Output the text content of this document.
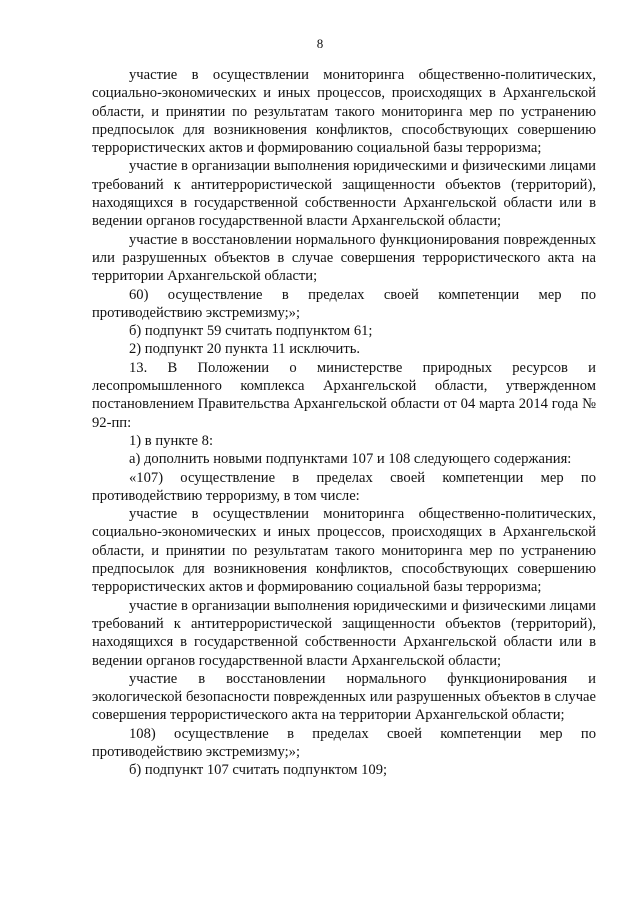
8

участие в осуществлении мониторинга общественно-политических, социально-экономических и иных процессов, происходящих в Архангельской области, и принятии по результатам такого мониторинга мер по устранению предпосылок для возникновения конфликтов, способствующих совершению террористических актов и формированию социальной базы терроризма;

участие в организации выполнения юридическими и физическими лицами требований к антитеррористической защищенности объектов (территорий), находящихся в государственной собственности Архангельской области или в ведении органов государственной власти Архангельской области;

участие в восстановлении нормального функционирования поврежденных или разрушенных объектов в случае совершения террористического акта на территории Архангельской области;

60) осуществление в пределах своей компетенции мер по противодействию экстремизму;»;

б) подпункт 59 считать подпунктом 61;

2) подпункт 20 пункта 11 исключить.

13. В Положении о министерстве природных ресурсов и лесопромышленного комплекса Архангельской области, утвержденном постановлением Правительства Архангельской области от 04 марта 2014 года № 92-пп:

1) в пункте 8:

а) дополнить новыми подпунктами 107 и 108 следующего содержания:

«107) осуществление в пределах своей компетенции мер по противодействию терроризму, в том числе:

участие в осуществлении мониторинга общественно-политических, социально-экономических и иных процессов, происходящих в Архангельской области, и принятии по результатам такого мониторинга мер по устранению предпосылок для возникновения конфликтов, способствующих совершению террористических актов и формированию социальной базы терроризма;

участие в организации выполнения юридическими и физическими лицами требований к антитеррористической защищенности объектов (территорий), находящихся в государственной собственности Архангельской области или в ведении органов государственной власти Архангельской области;

участие в восстановлении нормального функционирования и экологической безопасности поврежденных или разрушенных объектов в случае совершения террористического акта на территории Архангельской области;

108) осуществление в пределах своей компетенции мер по противодействию экстремизму;»;

б) подпункт 107 считать подпунктом 109;
